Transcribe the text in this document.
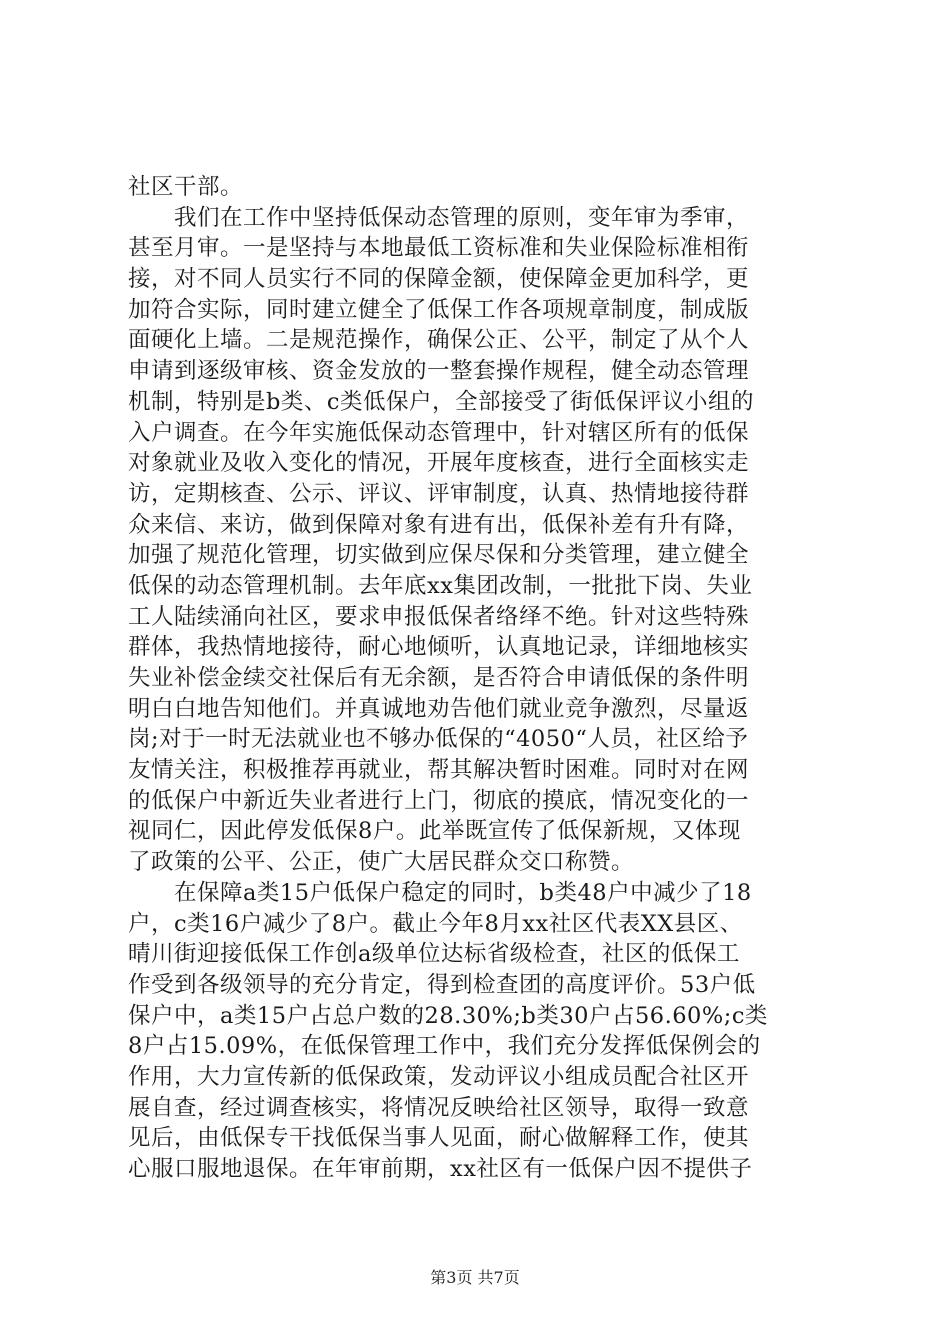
社区干部。
　　我们在工作中坚持低保动态管理的原则，变年审为季审，
甚至月审。一是坚持与本地最低工资标准和失业保险标准相衔
接，对不同人员实行不同的保障金额，使保障金更加科学，更
加符合实际，同时建立健全了低保工作各项规章制度，制成版
面硬化上墙。二是规范操作，确保公正、公平，制定了从个人
申请到逐级审核、资金发放的一整套操作规程，健全动态管理
机制，特别是b类、c类低保户，全部接受了街低保评议小组的
入户调查。在今年实施低保动态管理中，针对辖区所有的低保
对象就业及收入变化的情况，开展年度核查，进行全面核实走
访，定期核查、公示、评议、评审制度，认真、热情地接待群
众来信、来访，做到保障对象有进有出，低保补差有升有降，
加强了规范化管理，切实做到应保尽保和分类管理，建立健全
低保的动态管理机制。去年底xx集团改制，一批批下岗、失业
工人陆续涌向社区，要求申报低保者络绎不绝。针对这些特殊
群体，我热情地接待，耐心地倾听，认真地记录，详细地核实
失业补偿金续交社保后有无余额，是否符合申请低保的条件明
明白白地告知他们。并真诚地劝告他们就业竞争激烈，尽量返
岗;对于一时无法就业也不够办低保的“4050“人员，社区给予
友情关注，积极推荐再就业，帮其解决暂时困难。同时对在网
的低保户中新近失业者进行上门，彻底的摸底，情况变化的一
视同仁，因此停发低保8户。此举既宣传了低保新规，又体现
了政策的公平、公正，使广大居民群众交口称赞。
　　在保障a类15户低保户稳定的同时，b类48户中减少了18
户，c类16户减少了8户。截止今年8月xx社区代表XX县区、
晴川街迎接低保工作创a级单位达标省级检查，社区的低保工
作受到各级领导的充分肯定，得到检查团的高度评价。53户低
保户中，a类15户占总户数的28.30%;b类30户占56.60%;c类
8户占15.09%，在低保管理工作中，我们充分发挥低保例会的
作用，大力宣传新的低保政策，发动评议小组成员配合社区开
展自查，经过调查核实，将情况反映给社区领导，取得一致意
见后，由低保专干找低保当事人见面，耐心做解释工作，使其
心服口服地退保。在年审前期，xx社区有一低保户因不提供子
第3页 共7页
